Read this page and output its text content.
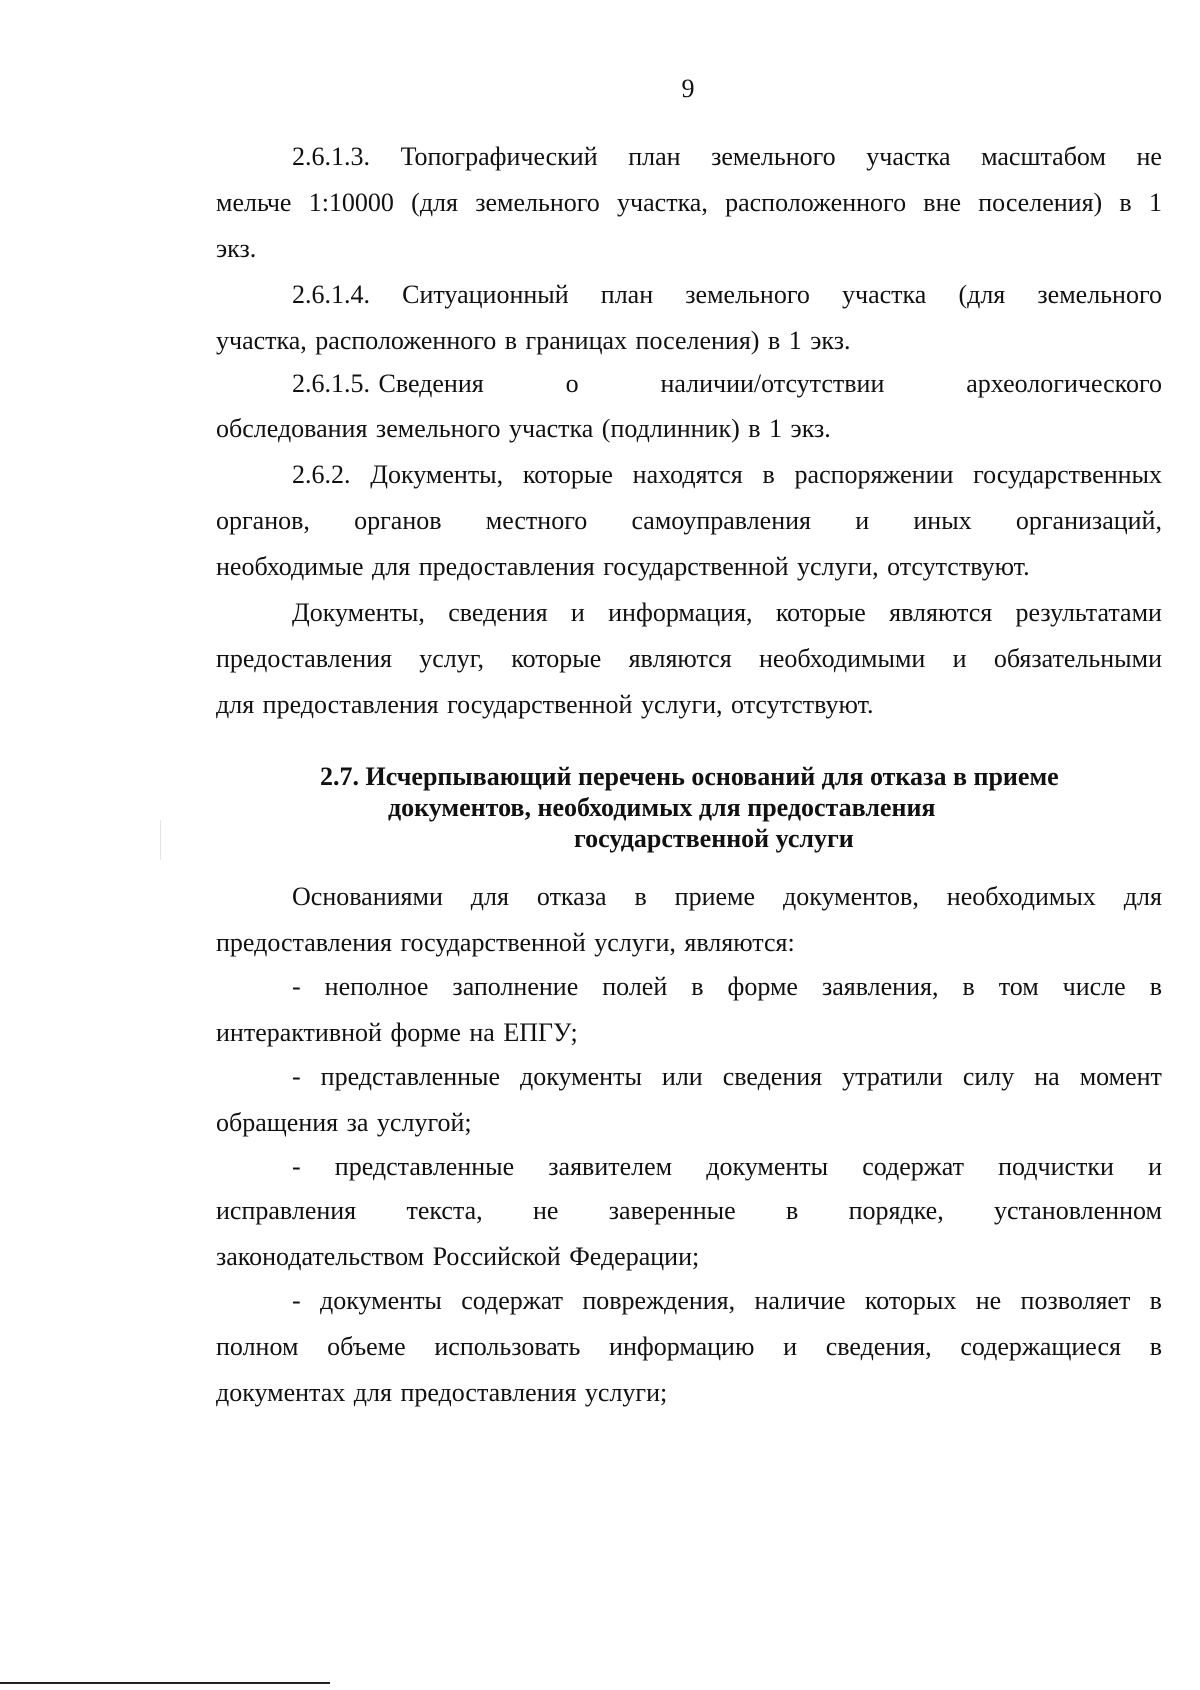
9
2.6.1.3. Топографический план земельного участка масштабом не
мельче 1:10000 (для земельного участка, расположенного вне поселения) в 1
экз.
2.6.1.4. Ситуационный план земельного участка (для земельного
участка, расположенного в границах поселения) в 1 экз.
2.6.1.5. Сведения	о	наличии/отсутствии	археологического
обследования земельного участка (подлинник) в 1 экз.
2.6.2. Документы, которые находятся в распоряжении государственных
органов, органов местного самоуправления и иных организаций,
необходимые для предоставления государственной услуги, отсутствуют.
Документы, сведения и информация, которые являются результатами
предоставления услуг, которые являются необходимыми и обязательными
для предоставления государственной услуги, отсутствуют.
2.7. Исчерпывающий перечень оснований для отказа в приеме
документов, необходимых для предоставления
государственной услуги
Основаниями для отказа в приеме документов, необходимых для
предоставления государственной услуги, являются:
- неполное заполнение полей в форме заявления, в том числе в
интерактивной форме на ЕПГУ;
- представленные документы или сведения утратили силу на момент
обращения за услугой;
- представленные заявителем документы содержат подчистки и
исправления текста, не заверенные в порядке, установленном
законодательством Российской Федерации;
- документы содержат повреждения, наличие которых не позволяет в
полном объеме использовать информацию и сведения, содержащиеся в
документах для предоставления услуги;
